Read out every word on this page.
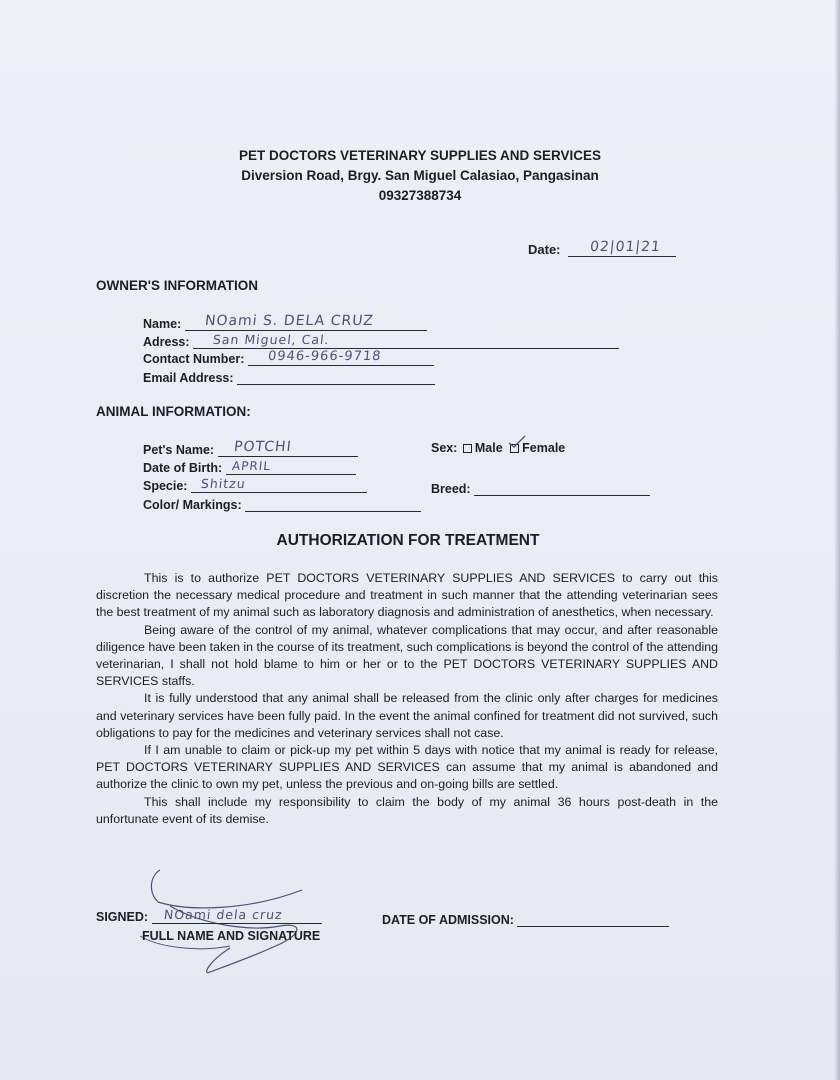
PET DOCTORS VETERINARY SUPPLIES AND SERVICES
Diversion Road, Brgy. San Miguel Calasiao, Pangasinan
09327388734
Date: 02|01|21
OWNER'S INFORMATION
Name: NOami S. DELA CRUZ
Adress: San Miguel, Cal.
Contact Number: 0946-966-9718
Email Address:
ANIMAL INFORMATION:
Pet's Name: POTCHI
Date of Birth: APRIL
Specie: Shitzu
Color/ Markings:
Sex: Male Female
Breed:
AUTHORIZATION FOR TREATMENT

This is to authorize PET DOCTORS VETERINARY SUPPLIES AND SERVICES to carry out this discretion the necessary medical procedure and treatment in such manner that the attending veterinarian sees the best treatment of my animal such as laboratory diagnosis and administration of anesthetics, when necessary.

Being aware of the control of my animal, whatever complications that may occur, and after reasonable diligence have been taken in the course of its treatment, such complications is beyond the control of the attending veterinarian, I shall not hold blame to him or her or to the PET DOCTORS VETERINARY SUPPLIES AND SERVICES staffs.

It is fully understood that any animal shall be released from the clinic only after charges for medicines and veterinary services have been fully paid. In the event the animal confined for treatment did not survived, such obligations to pay for the medicines and veterinary services shall not case.

If I am unable to claim or pick-up my pet within 5 days with notice that my animal is ready for release, PET DOCTORS VETERINARY SUPPLIES AND SERVICES can assume that my animal is abandoned and authorize the clinic to own my pet, unless the previous and on-going bills are settled.

This shall include my responsibility to claim the body of my animal 36 hours post-death in the unfortunate event of its demise.

SIGNED: NOami dela cruz
FULL NAME AND SIGNATURE
DATE OF ADMISSION:
